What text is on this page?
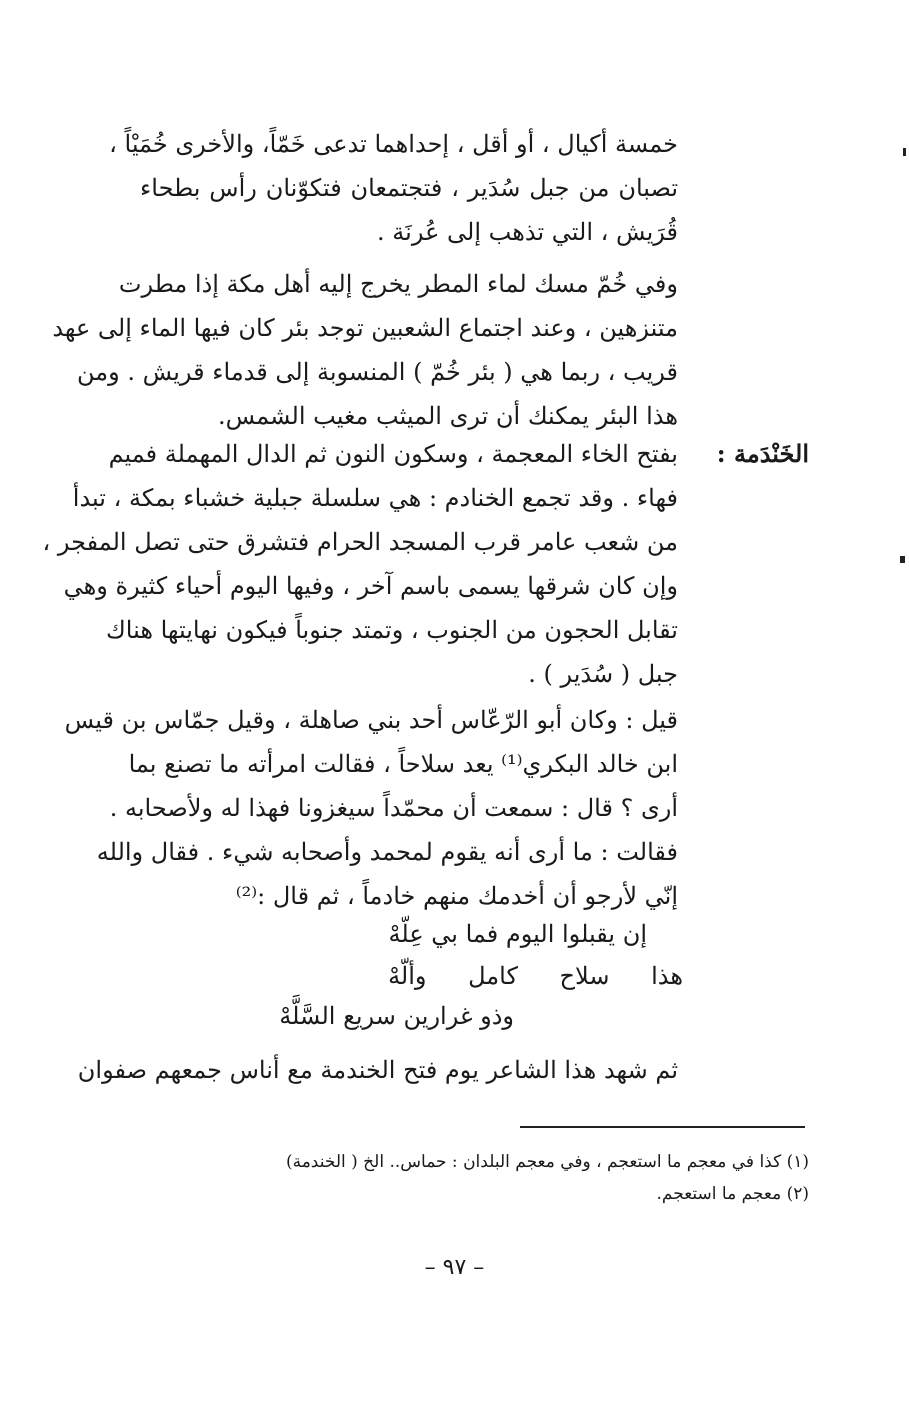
خمسة أكيال ، أو أقل ، إحداهما تدعى خَمّاً، والأخرى خُمَيْاً ،
تصبان من جبل سُدَير ، فتجتمعان فتكوّنان رأس بطحاء
قُرَيش ، التي تذهب إلى عُرنَة .
وفي خُمّ مسك لماء المطر يخرج إليه أهل مكة إذا مطرت
متنزهين ، وعند اجتماع الشعبين توجد بئر كان فيها الماء إلى عهد
قريب ، ربما هي ( بئر خُمّ ) المنسوبة إلى قدماء قريش . ومن
هذا البئر يمكنك أن ترى الميثب مغيب الشمس.
الخَنْدَمة :
بفتح الخاء المعجمة ، وسكون النون ثم الدال المهملة فميم
فهاء . وقد تجمع الخنادم : هي سلسلة جبلية خشباء بمكة ، تبدأ
من شعب عامر قرب المسجد الحرام فتشرق حتى تصل المفجر ،
وإن كان شرقها يسمى باسم آخر ، وفيها اليوم أحياء كثيرة وهي
تقابل الحجون من الجنوب ، وتمتد جنوباً فيكون نهايتها هناك
جبل ( سُدَير ) .
قيل : وكان أبو الرّعّاس أحد بني صاهلة ، وقيل جمّاس بن قيس
ابن خالد البكري⁽¹⁾ يعد سلاحاً ، فقالت امرأته ما تصنع بما
أرى ؟ قال : سمعت أن محمّداً سيغزونا فهذا له ولأصحابه .
فقالت : ما أرى أنه يقوم لمحمد وأصحابه شيء . فقال والله
إنّي لأرجو أن أخدمك منهم خادماً ، ثم قال :⁽²⁾
إن يقبلوا اليوم فما بي عِلّهْ
هذا سلاح كامل وألّهْ
وذو غرارين سريع السَّلَّهْ
ثم شهد هذا الشاعر يوم فتح الخندمة مع أناس جمعهم صفوان
(١) كذا في معجم ما استعجم ، وفي معجم البلدان : حماس.. الخ ( الخندمة)
(٢) معجم ما استعجم.
– ٩٧ –
